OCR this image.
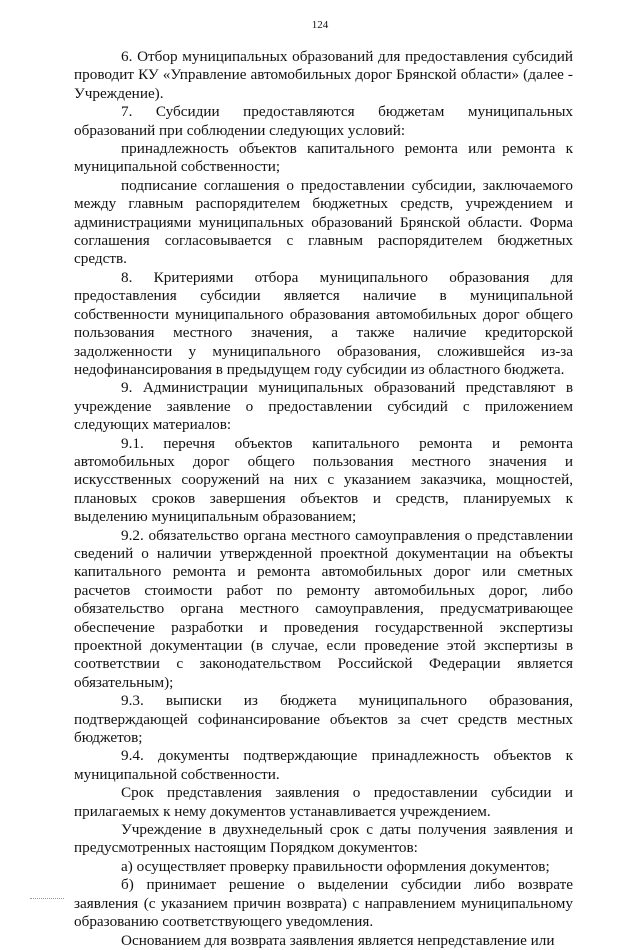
124

6. Отбор муниципальных образований для предоставления субсидий проводит КУ «Управление автомобильных дорог Брянской области» (далее - Учреждение).

7. Субсидии предоставляются бюджетам муниципальных образований при соблюдении следующих условий:

принадлежность объектов капитального ремонта или ремонта к муниципальной собственности;

подписание соглашения о предоставлении субсидии, заключаемого между главным распорядителем бюджетных средств, учреждением и администрациями муниципальных образований Брянской области. Форма соглашения согласовывается с главным распорядителем бюджетных средств.

8. Критериями отбора муниципального образования для предоставления субсидии является наличие в муниципальной собственности муниципального образования автомобильных дорог общего пользования местного значения, а также наличие кредиторской задолженности у муниципального образования, сложившейся из-за недофинансирования в предыдущем году субсидии из областного бюджета.

9. Администрации муниципальных образований представляют в учреждение заявление о предоставлении субсидий с приложением следующих материалов:

9.1. перечня объектов капитального ремонта и ремонта автомобильных дорог общего пользования местного значения и искусственных сооружений на них с указанием заказчика, мощностей, плановых сроков завершения объектов и средств, планируемых к выделению муниципальным образованием;

9.2. обязательство органа местного самоуправления о представлении сведений о наличии утвержденной проектной документации на объекты капитального ремонта и ремонта автомобильных дорог или сметных расчетов стоимости работ по ремонту автомобильных дорог, либо обязательство органа местного самоуправления, предусматривающее обеспечение разработки и проведения государственной экспертизы проектной документации (в случае, если проведение этой экспертизы в соответствии с законодательством Российской Федерации является обязательным);

9.3. выписки из бюджета муниципального образования, подтверждающей софинансирование объектов за счет средств местных бюджетов;

9.4. документы подтверждающие принадлежность объектов к муниципальной собственности.

Срок представления заявления о предоставлении субсидии и прилагаемых к нему документов устанавливается учреждением.

Учреждение в двухнедельный срок с даты получения заявления и предусмотренных настоящим Порядком документов:

а) осуществляет проверку правильности оформления документов;

б) принимает решение о выделении субсидии либо возврате заявления (с указанием причин возврата) с направлением муниципальному образованию соответствующего уведомления.

Основанием для возврата заявления является непредставление или
